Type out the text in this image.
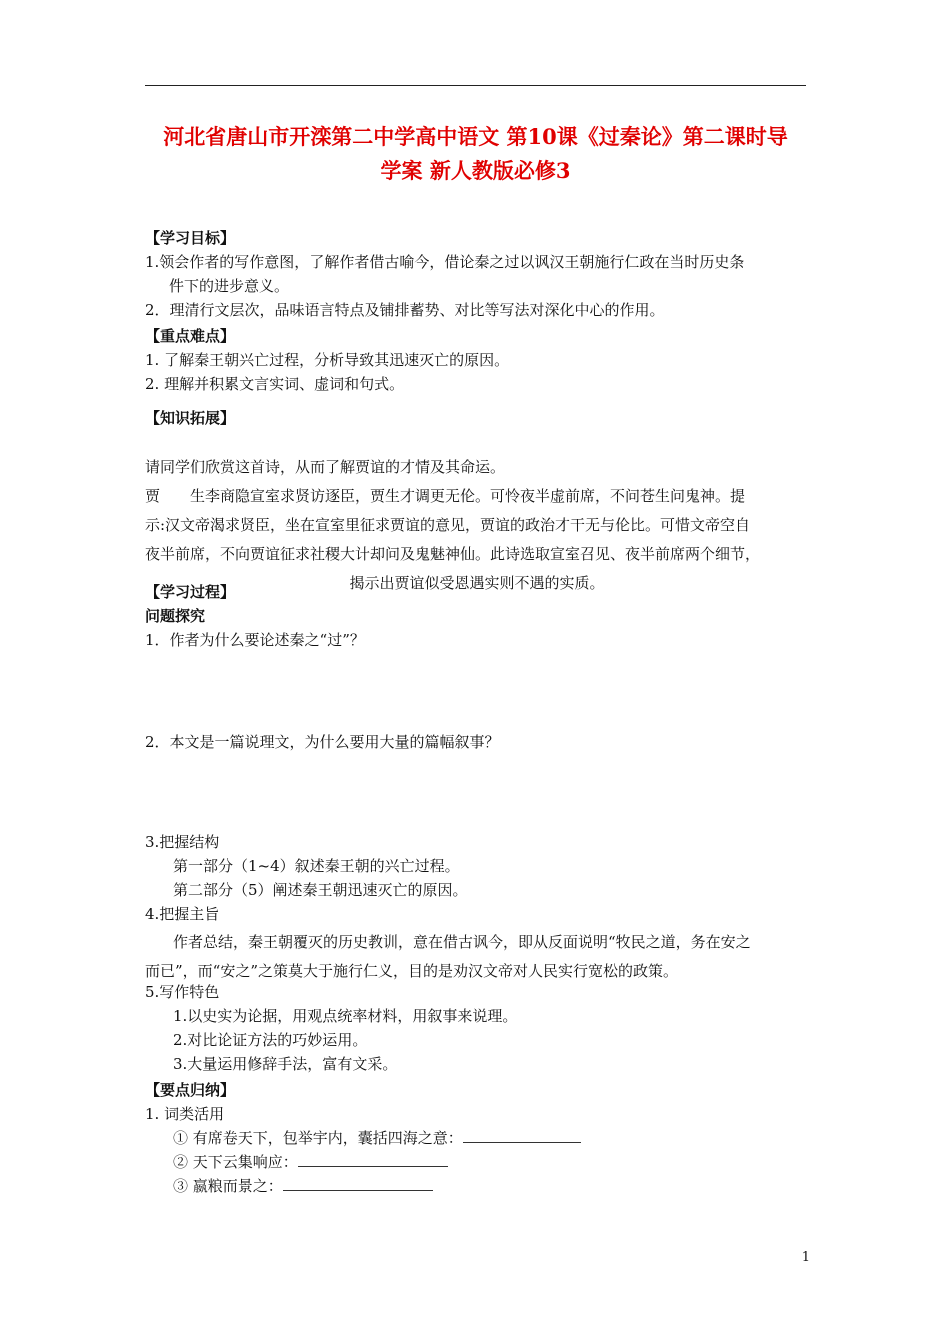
河北省唐山市开滦第二中学高中语文 第10课《过秦论》第二课时导
学案 新人教版必修3

【学习目标】

1.领会作者的写作意图，了解作者借古喻今，借论秦之过以讽汉王朝施行仁政在当时历史条

件下的进步意义。

2．理清行文层次，品味语言特点及铺排蓄势、对比等写法对深化中心的作用。

【重点难点】

1. 了解秦王朝兴亡过程，分析导致其迅速灭亡的原因。

2. 理解并积累文言实词、虚词和句式。

【知识拓展】

请同学们欣赏这首诗，从而了解贾谊的才情及其命运。

贾　　生李商隐宣室求贤访逐臣，贾生才调更无伦。可怜夜半虚前席，不问苍生问鬼神。提

示:汉文帝渴求贤臣，坐在宣室里征求贾谊的意见，贾谊的政治才干无与伦比。可惜文帝空自

夜半前席，不向贾谊征求社稷大计却问及鬼魅神仙。此诗选取宣室召见、夜半前席两个细节，

揭示出贾谊似受恩遇实则不遇的实质。

【学习过程】

问题探究

1．作者为什么要论述秦之“过”？

2．本文是一篇说理文，为什么要用大量的篇幅叙事？

3.把握结构

第一部分（1~4）叙述秦王朝的兴亡过程。

第二部分（5）阐述秦王朝迅速灭亡的原因。

4.把握主旨

作者总结，秦王朝覆灭的历史教训，意在借古讽今，即从反面说明“牧民之道，务在安之

而已”，而“安之”之策莫大于施行仁义，目的是劝汉文帝对人民实行宽松的政策。

5.写作特色

1.以史实为论据，用观点统率材料，用叙事来说理。

2.对比论证方法的巧妙运用。

3.大量运用修辞手法，富有文采。

【要点归纳】

1. 词类活用

① 有席卷天下，包举宇内，囊括四海之意：

② 天下云集响应：

③ 嬴粮而景之：

1
